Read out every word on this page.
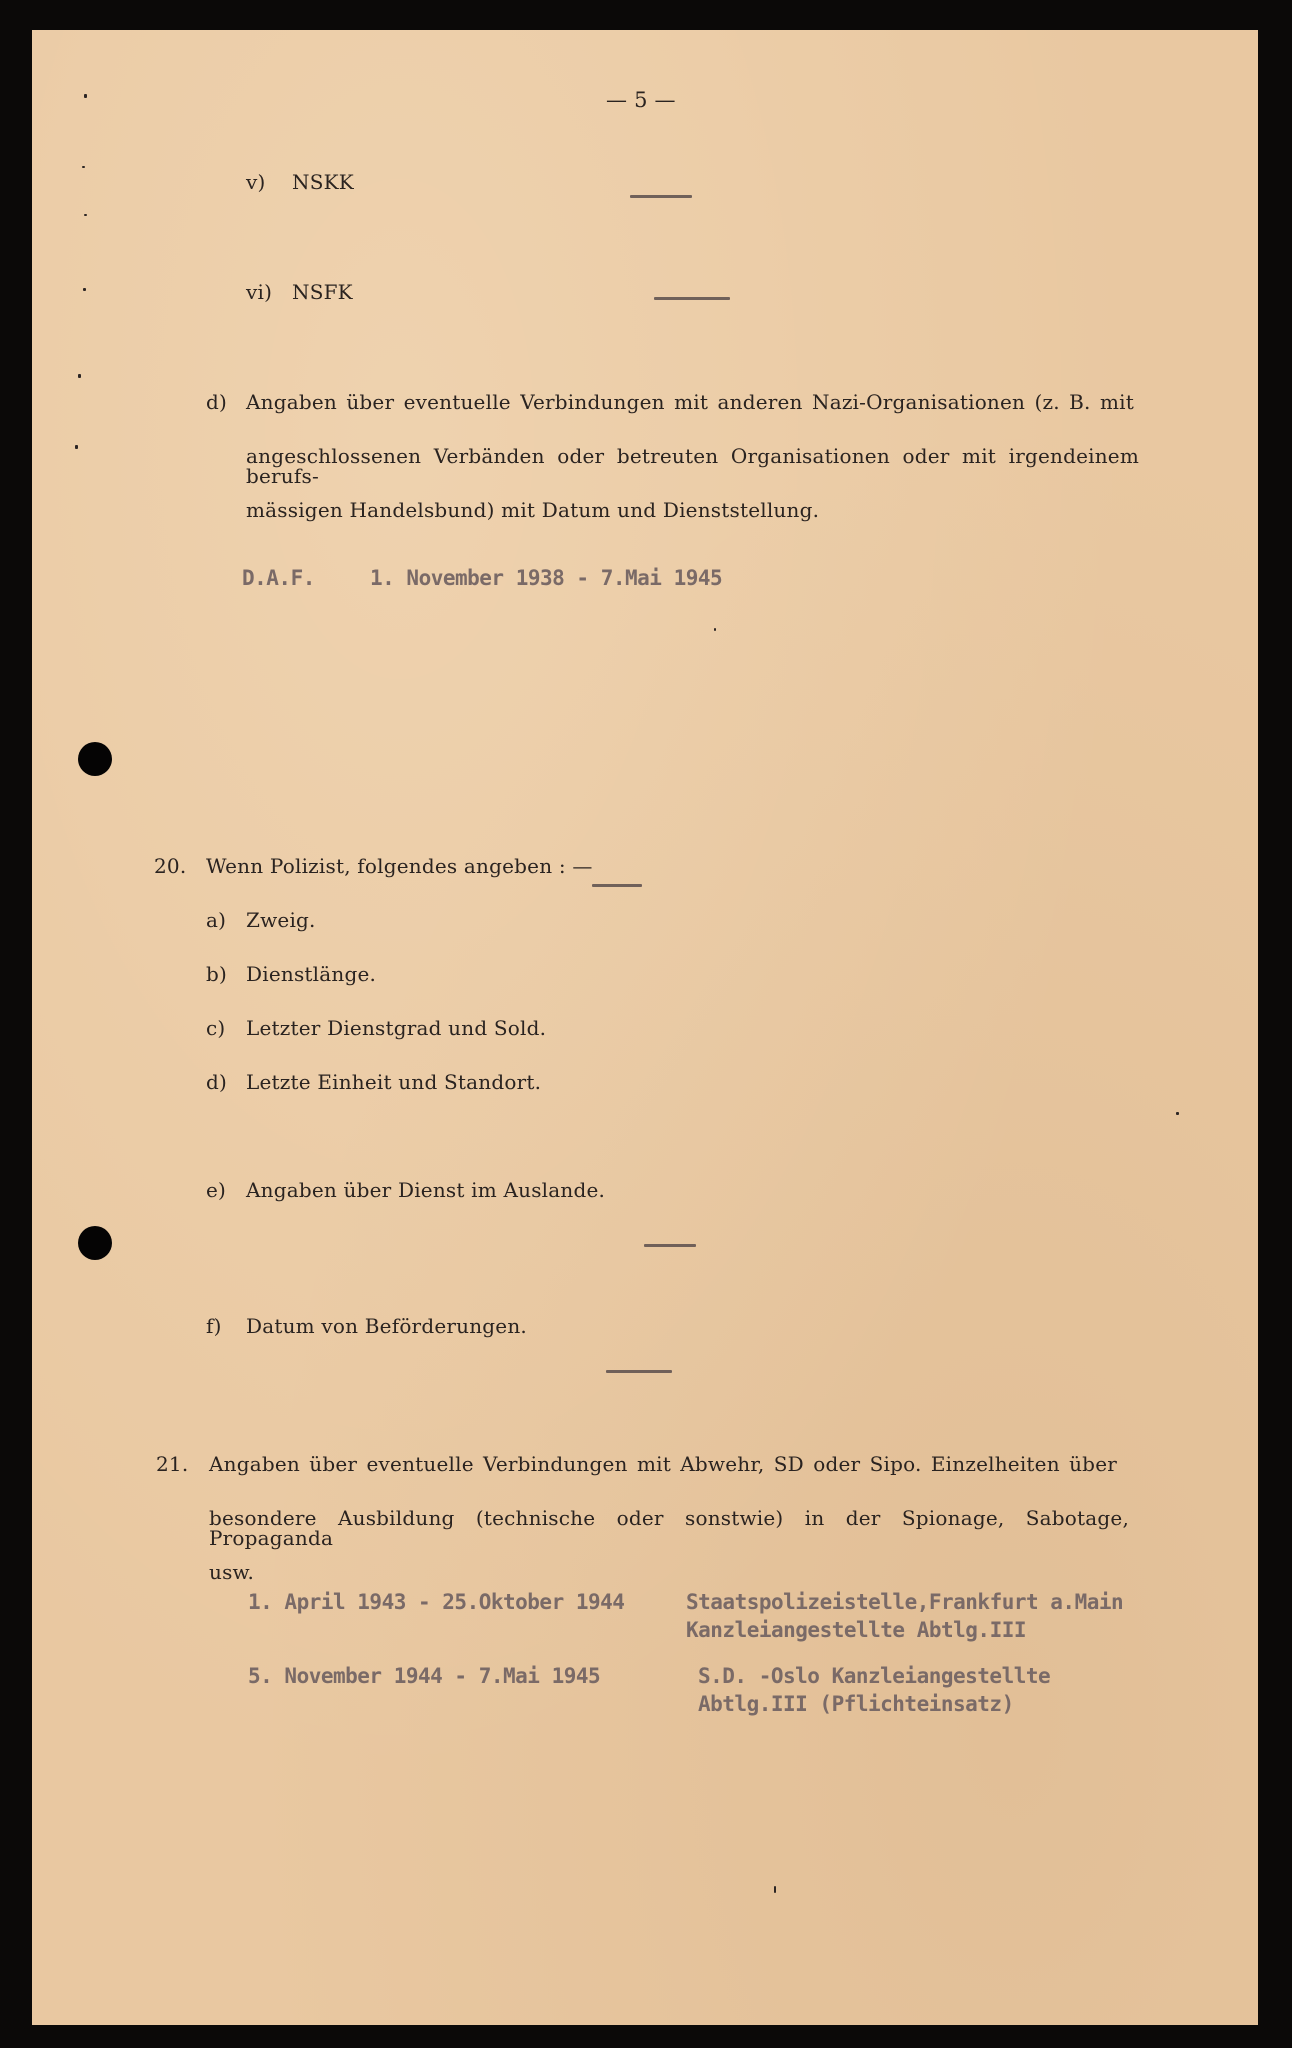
— 5 —
v) NSKK
vi) NSFK
d) Angaben über eventuelle Verbindungen mit anderen Nazi-Organisationen (z. B. mit
angeschlossenen Verbänden oder betreuten Organisationen oder mit irgendeinem berufs-
mässigen Handelsbund) mit Datum und Dienststellung.
D.A.F.	1. November 1938 - 7.Mai 1945
20. Wenn Polizist, folgendes angeben : —
a) Zweig.
b) Dienstlänge.
c) Letzter Dienstgrad und Sold.
d) Letzte Einheit und Standort.
e) Angaben über Dienst im Auslande.
f) Datum von Beförderungen.
21. Angaben über eventuelle Verbindungen mit Abwehr, SD oder Sipo. Einzelheiten über
besondere Ausbildung (technische oder sonstwie) in der Spionage, Sabotage, Propaganda
usw.
1. April 1943 - 25.Oktober 1944	Staatspolizeistelle,Frankfurt a.Main
Kanzleiangestellte Abtlg.III
5. November 1944 - 7.Mai 1945	S.D. -Oslo Kanzleiangestellte
Abtlg.III (Pflichteinsatz)
